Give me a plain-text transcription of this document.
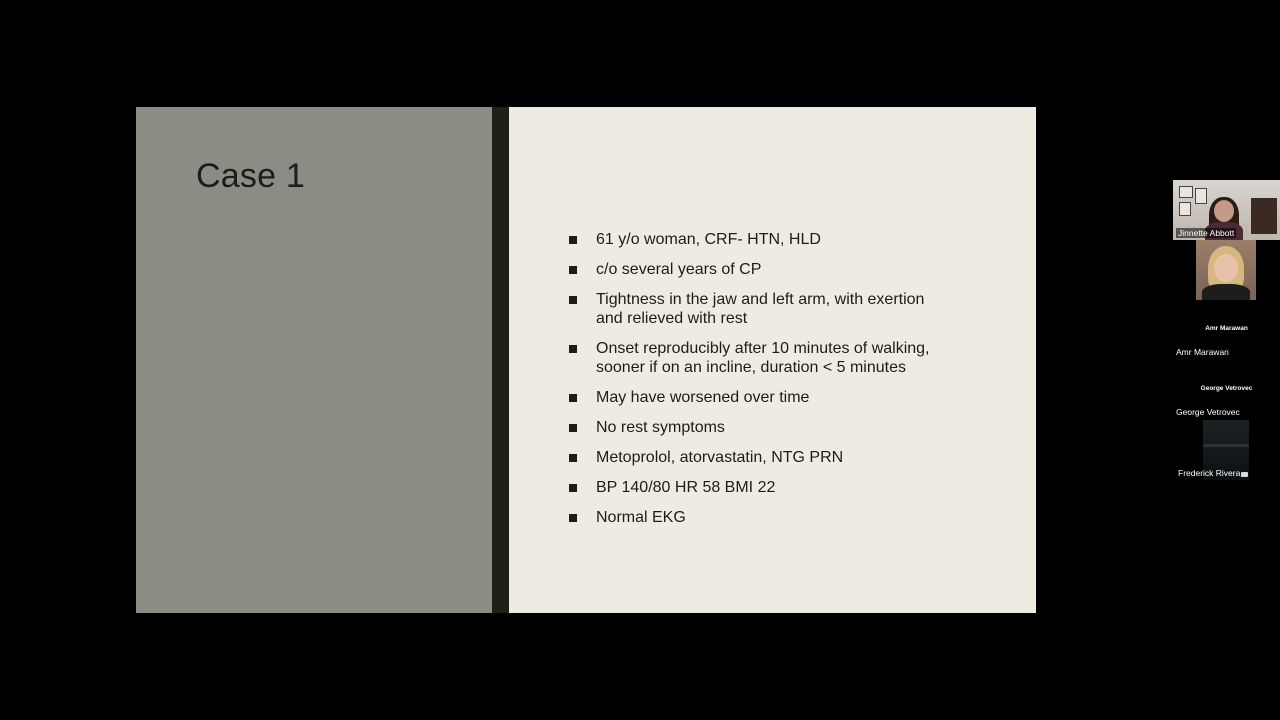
Case 1
61 y/o woman, CRF- HTN, HLD
c/o several years of CP
Tightness in the jaw and left arm, with exertion and relieved with rest
Onset reproducibly after 10 minutes of walking, sooner if on an incline, duration < 5 minutes
May have worsened over time
No rest symptoms
Metoprolol, atorvastatin, NTG PRN
BP 140/80 HR 58 BMI 22
Normal EKG
Jinnette Abbott
Amr Marawan
Amr Marawan
George Vetrovec
George Vetrovec
Frederick Rivera
